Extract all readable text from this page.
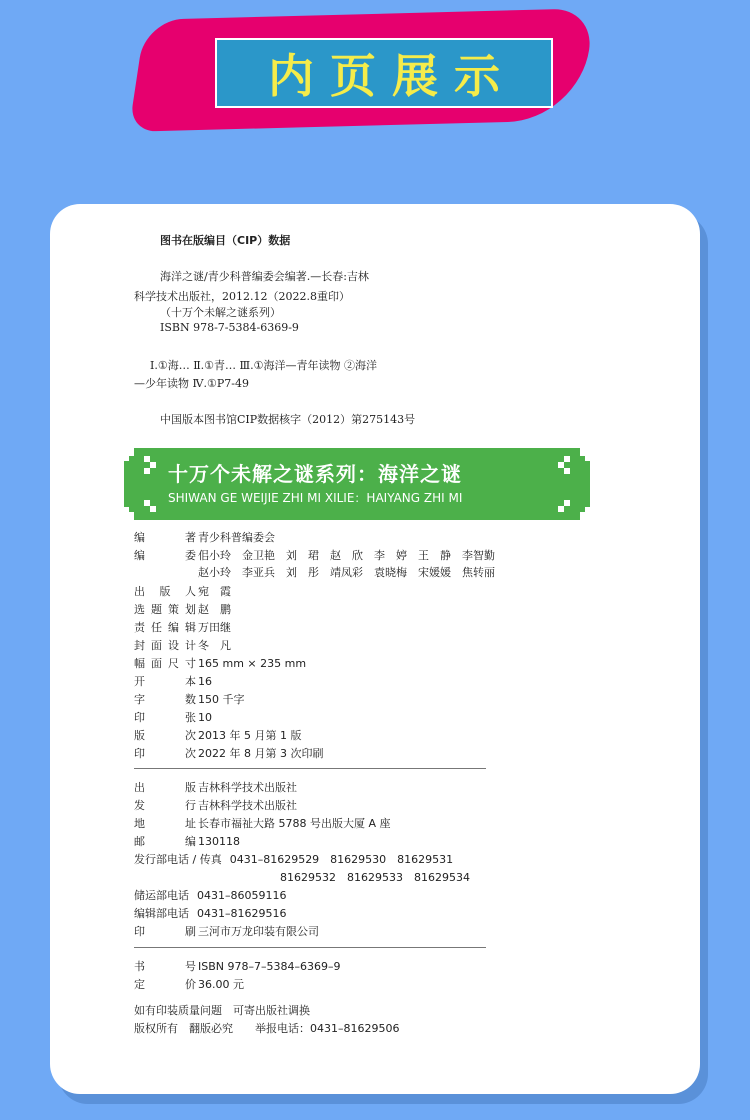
内页展示
图书在版编目（CIP）数据
海洋之谜/青少科普编委会编著.—长春:吉林
科学技术出版社，2012.12（2022.8重印）
（十万个未解之谜系列）
ISBN 978-7-5384-6369-9
Ⅰ.①海… Ⅱ.①青… Ⅲ.①海洋—青年读物 ②海洋
—少年读物 Ⅳ.①P7-49
中国版本图书馆CIP数据核字（2012）第275143号
十万个未解之谜系列：海洋之谜
SHIWAN GE WEIJIE ZHI MI XILIE：HAIYANG ZHI MI
编著 青少科普编委会
编委 佀小玲　金卫艳　刘　珺　赵　欣　李　婷　王　静　李智勤
赵小玲　李亚兵　刘　彤　靖凤彩　袁晓梅　宋媛媛　焦转丽
出版人 宛　霞
选题策划 赵　鹏
责任编辑 万田继
封面设计 冬　凡
幅面尺寸 165 mm × 235 mm
开本 16
字数 150 千字
印张 10
版次 2013 年 5 月第 1 版
印次 2022 年 8 月第 3 次印刷
出版 吉林科学技术出版社
发行 吉林科学技术出版社
地址 长春市福祉大路 5788 号出版大厦 A 座
邮编 130118
发行部电话 / 传真 0431–81629529　81629530　81629531
81629532　81629533　81629534
储运部电话 0431–86059116
编辑部电话 0431–81629516
印刷 三河市万龙印装有限公司
书号 ISBN 978–7–5384–6369–9
定价 36.00 元
如有印装质量问题　可寄出版社调换
版权所有　翻版必究　　举报电话：0431–81629506
